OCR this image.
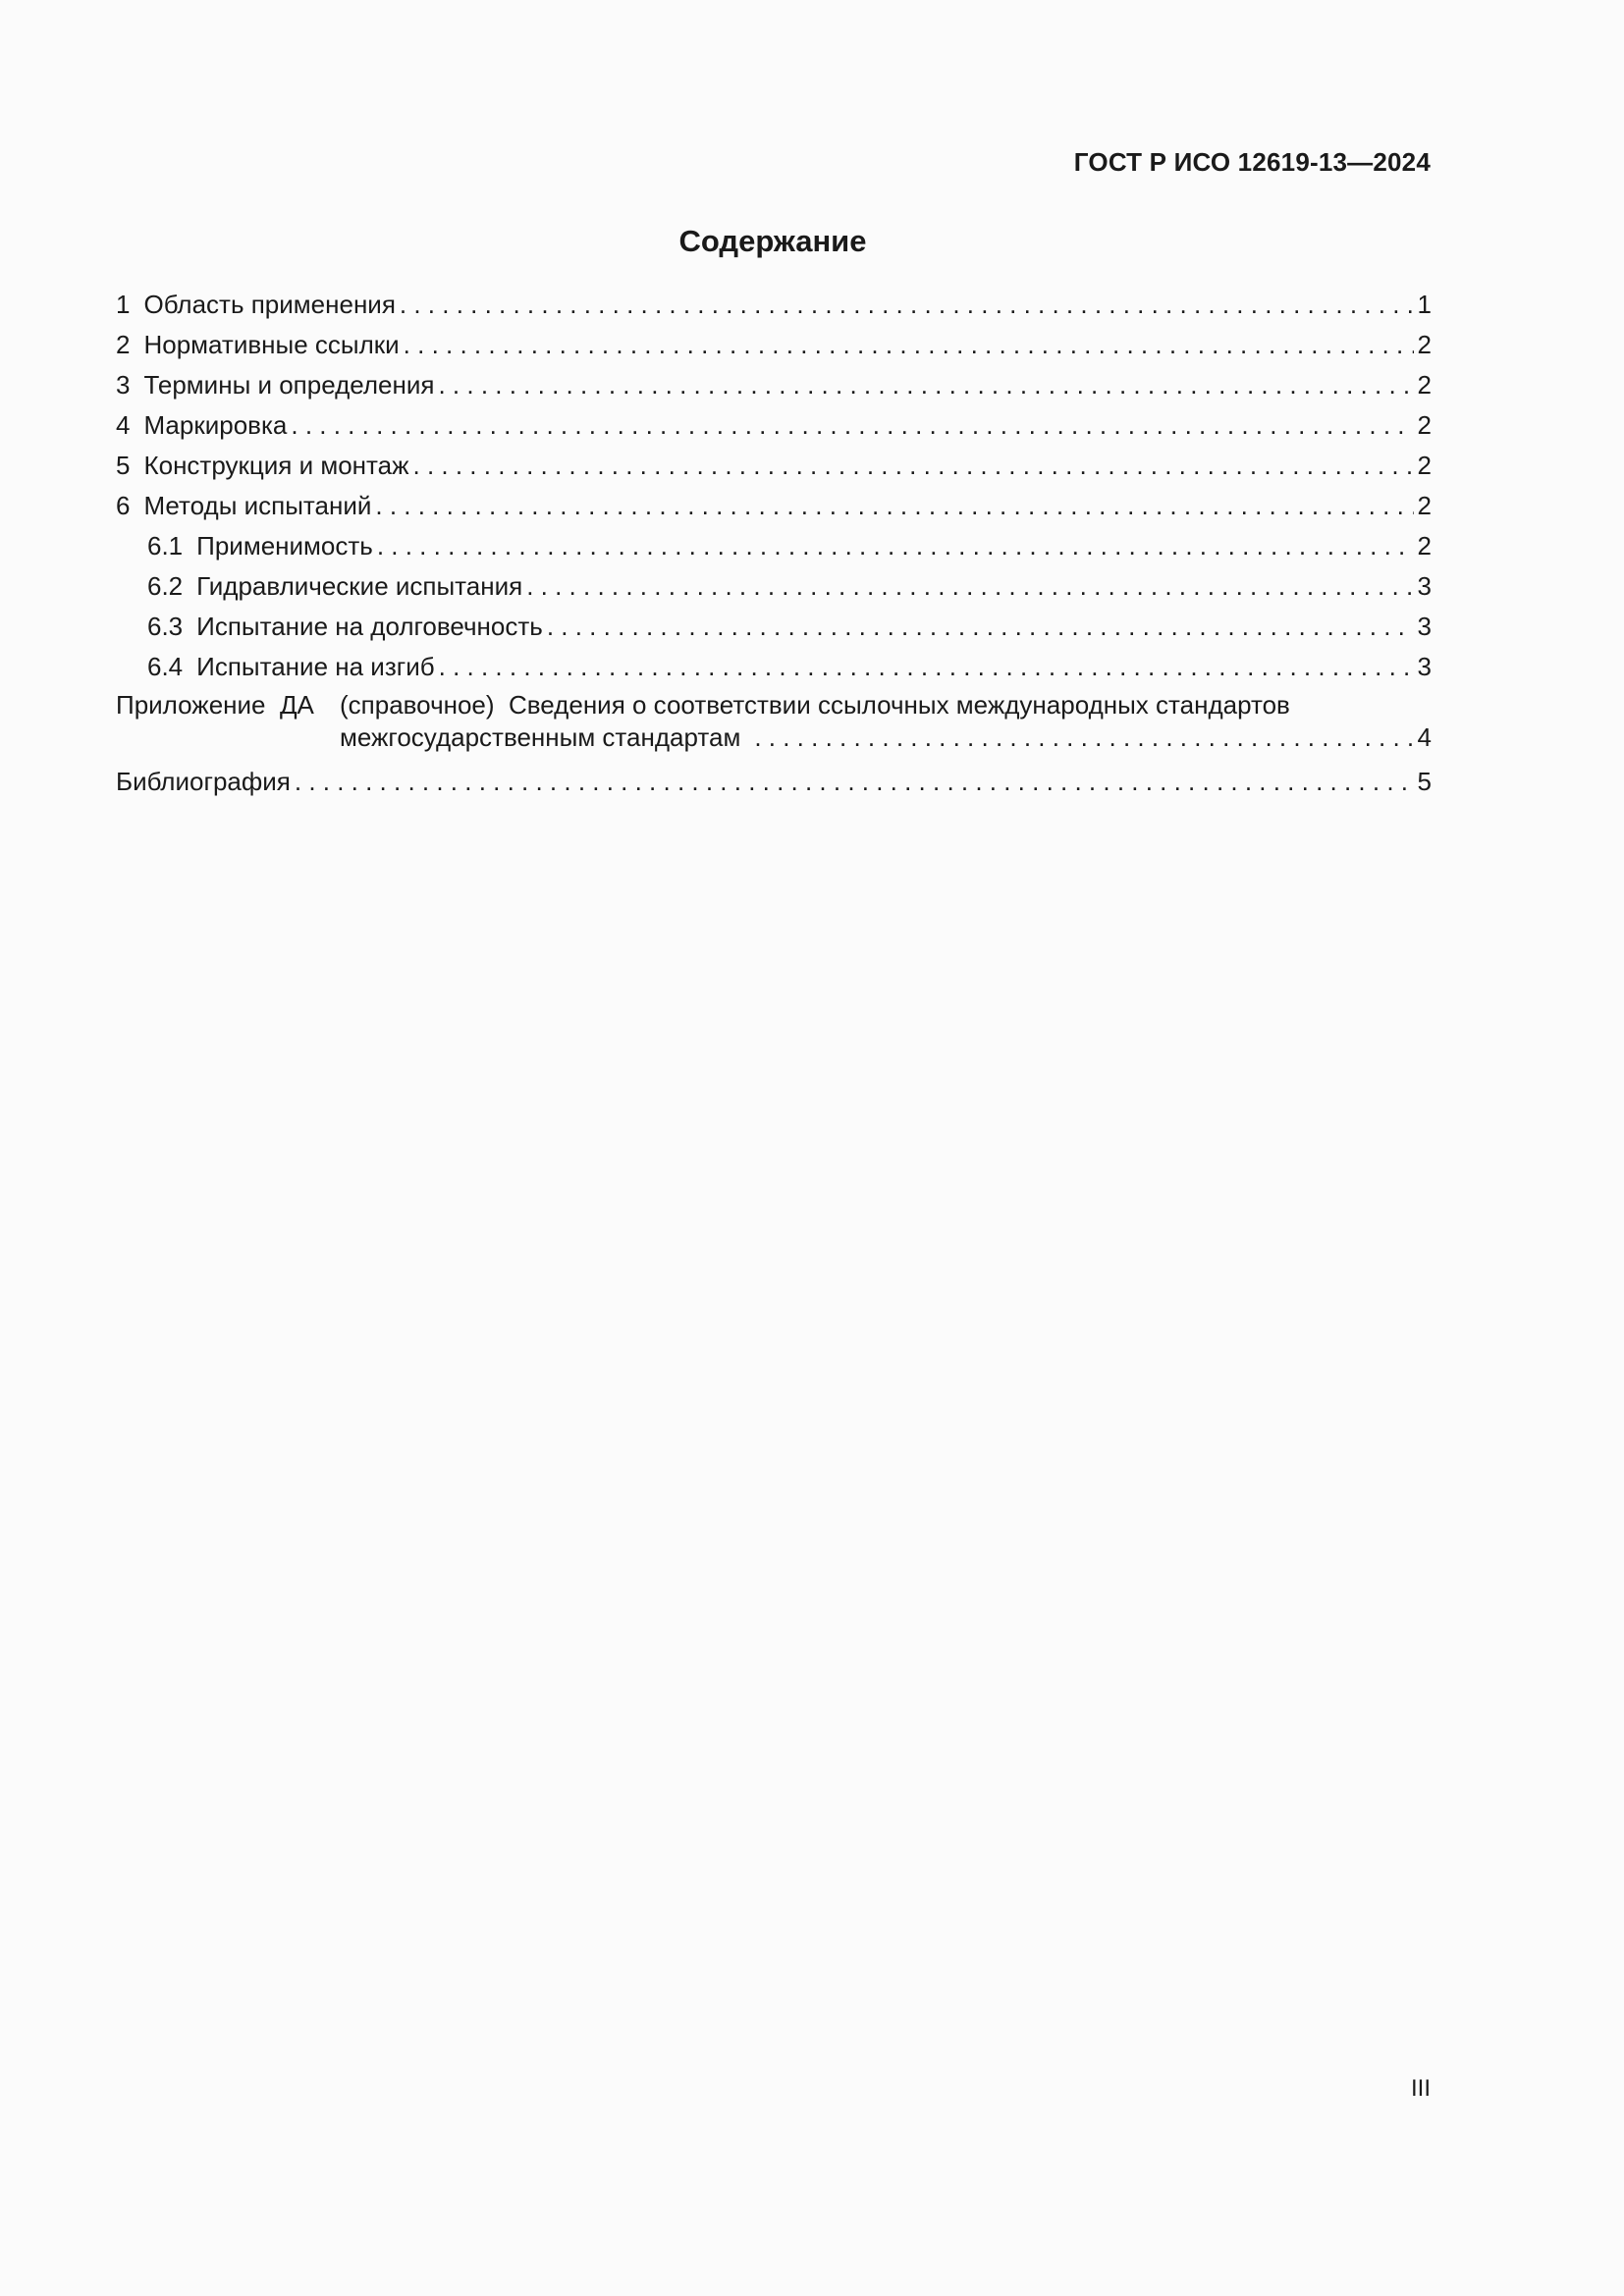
ГОСТ Р ИСО 12619-13—2024
Содержание
1 Область применения . . .	1
2 Нормативные ссылки . . .	2
3 Термины и определения . . .	2
4 Маркировка . . .	2
5 Конструкция и монтаж . . .	2
6 Методы испытаний . . .	2
6.1 Применимость . . .	2
6.2 Гидравлические испытания . . .	3
6.3 Испытание на долговечность . . .	3
6.4 Испытание на изгиб . . .	3
Приложение  ДА	(справочное)  Сведения о соответствии ссылочных международных стандартов
межгосударственным стандартам . . .	4
Библиография . . .	5
III
